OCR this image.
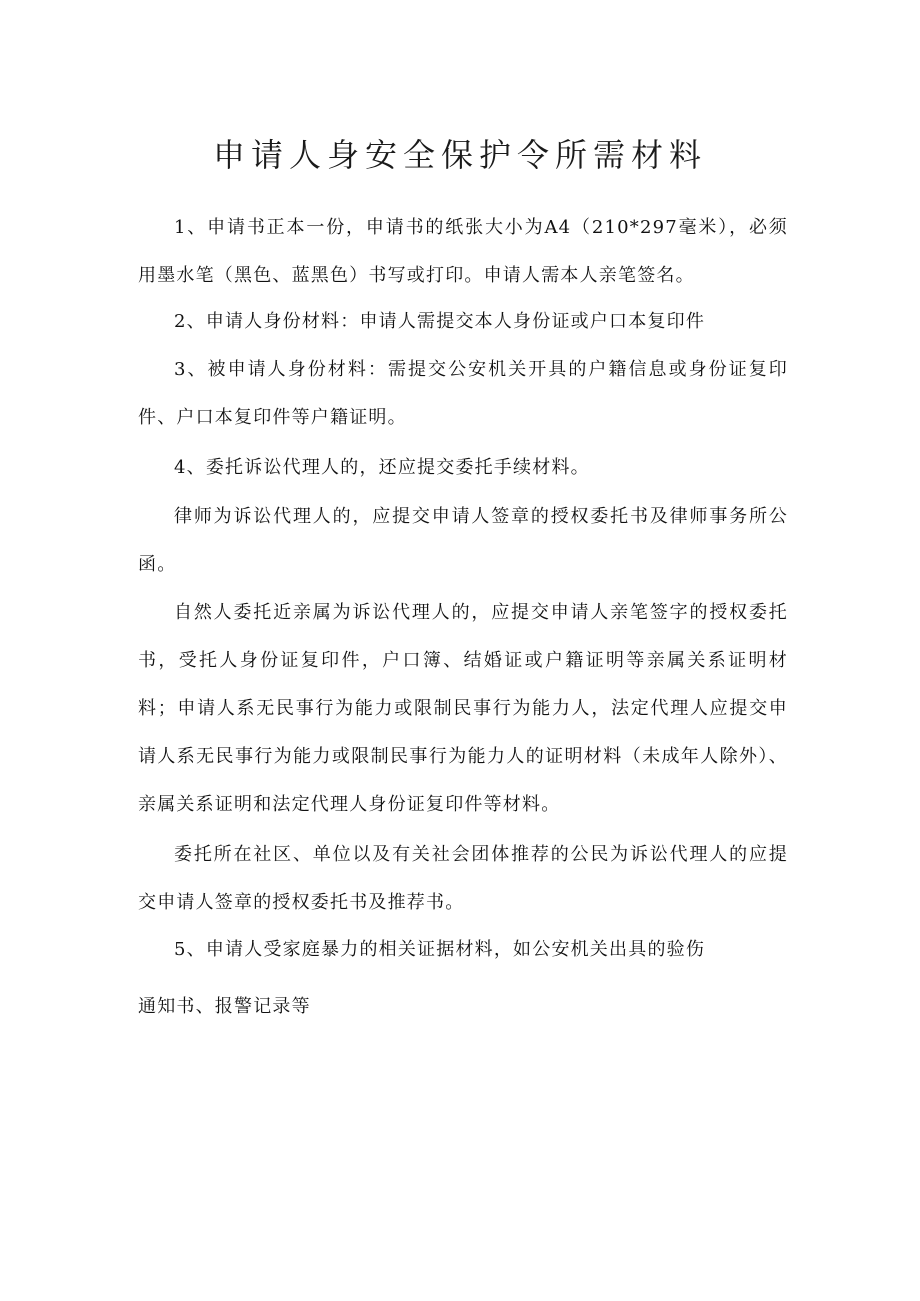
申请人身安全保护令所需材料

1、申请书正本一份，申请书的纸张大小为A4（210*297毫米），必须用墨水笔（黑色、蓝黑色）书写或打印。申请人需本人亲笔签名。

2、申请人身份材料：申请人需提交本人身份证或户口本复印件

3、被申请人身份材料：需提交公安机关开具的户籍信息或身份证复印件、户口本复印件等户籍证明。

4、委托诉讼代理人的，还应提交委托手续材料。

律师为诉讼代理人的，应提交申请人签章的授权委托书及律师事务所公函。

自然人委托近亲属为诉讼代理人的，应提交申请人亲笔签字的授权委托书，受托人身份证复印件，户口簿、结婚证或户籍证明等亲属关系证明材料；申请人系无民事行为能力或限制民事行为能力人，法定代理人应提交申请人系无民事行为能力或限制民事行为能力人的证明材料（未成年人除外）、亲属关系证明和法定代理人身份证复印件等材料。

委托所在社区、单位以及有关社会团体推荐的公民为诉讼代理人的应提交申请人签章的授权委托书及推荐书。

5、申请人受家庭暴力的相关证据材料，如公安机关出具的验伤

通知书、报警记录等
